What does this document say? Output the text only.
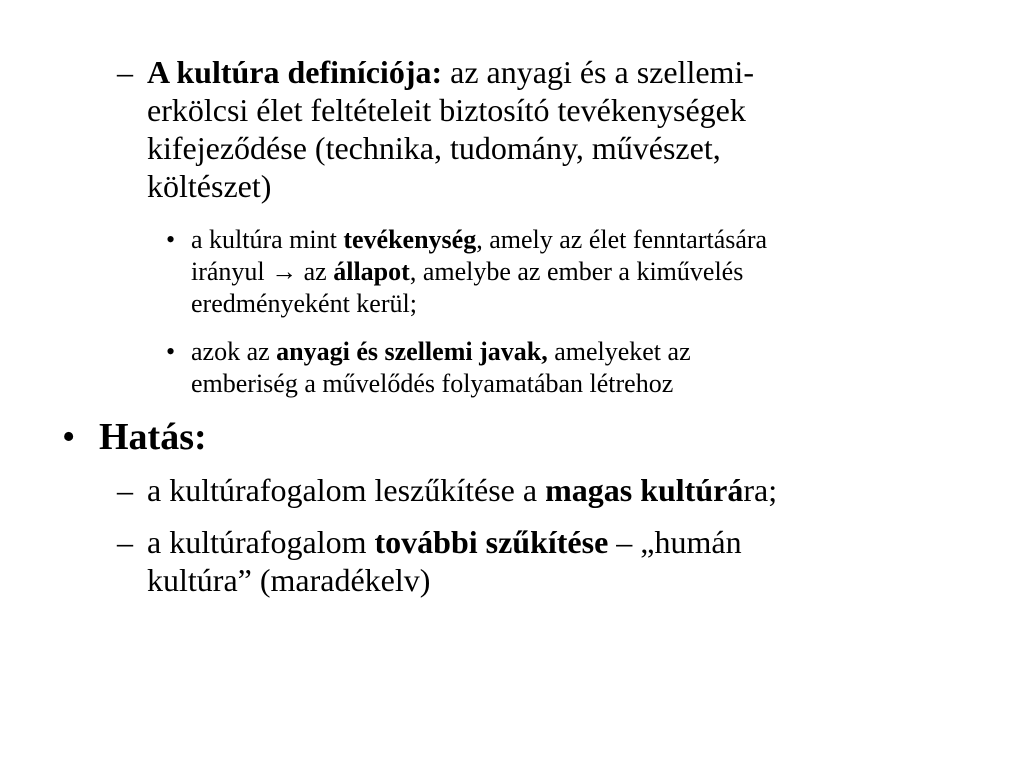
– A kultúra definíciója: az anyagi és a szellemi-
erkölcsi élet feltételeit biztosító tevékenységek
kifejeződése (technika, tudomány, művészet,
költészet)
• a kultúra mint tevékenység, amely az élet fenntartására
irányul → az állapot, amelybe az ember a kiművelés
eredményeként kerül;
• azok az anyagi és szellemi javak, amelyeket az
emberiség a művelődés folyamatában létrehoz
• Hatás:
– a kultúrafogalom leszűkítése a magas kultúrára;
– a kultúrafogalom további szűkítése – „humán
kultúra” (maradékelv)
